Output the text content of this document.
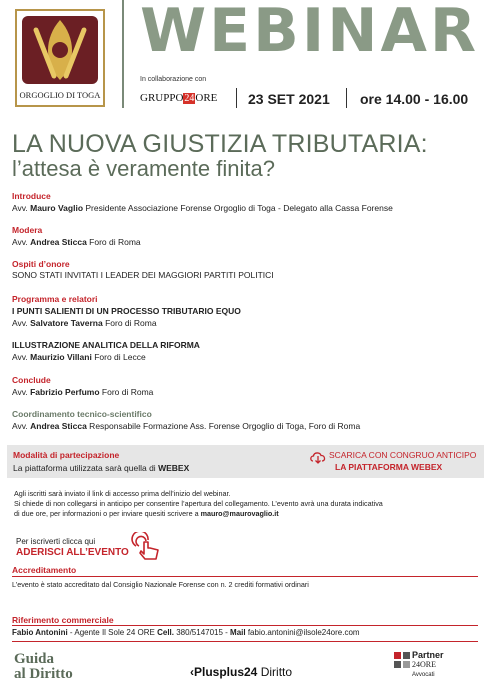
ORGOGLIO DI TOGA
WEBINAR
In collaborazione con
GRUPPO24ORE 23 SET 2021 ore 14.00 - 16.00
LA NUOVA GIUSTIZIA TRIBUTARIA:
l’attesa è veramente finita?
Introduce
Avv. Mauro Vaglio Presidente Associazione Forense Orgoglio di Toga - Delegato alla Cassa Forense
Modera
Avv. Andrea Sticca Foro di Roma
Ospiti d’onore
SONO STATI INVITATI I LEADER DEI MAGGIORI PARTITI POLITICI
Programma e relatori
I PUNTI SALIENTI DI UN PROCESSO TRIBUTARIO EQUO
Avv. Salvatore Taverna Foro di Roma
ILLUSTRAZIONE ANALITICA DELLA RIFORMA
Avv. Maurizio Villani Foro di Lecce
Conclude
Avv. Fabrizio Perfumo Foro di Roma
Coordinamento tecnico-scientifico
Avv. Andrea Sticca Responsabile Formazione Ass. Forense Orgoglio di Toga, Foro di Roma
Modalità di partecipazione
La piattaforma utilizzata sarà quella di WEBEX
SCARICA CON CONGRUO ANTICIPO
LA PIATTAFORMA WEBEX
Agli iscritti sarà inviato il link di accesso prima dell’inizio del webinar.
Si chiede di non collegarsi in anticipo per consentire l’apertura del collegamento. L’evento avrà una durata indicativa
di due ore, per informazioni o per inviare quesiti scrivere a mauro@maurovaglio.it
Per iscriverti clicca qui
ADERISCI ALL’EVENTO
Accreditamento
L’evento è stato accreditato dal Consiglio Nazionale Forense con n. 2 crediti formativi ordinari
Riferimento commerciale
Fabio Antonini - Agente Il Sole 24 ORE Cell. 380/5147015 - Mail fabio.antonini@ilsole24ore.com
Guida
al Diritto	‹Plusplus24 Diritto
Partner
24ORE
Avvocati
